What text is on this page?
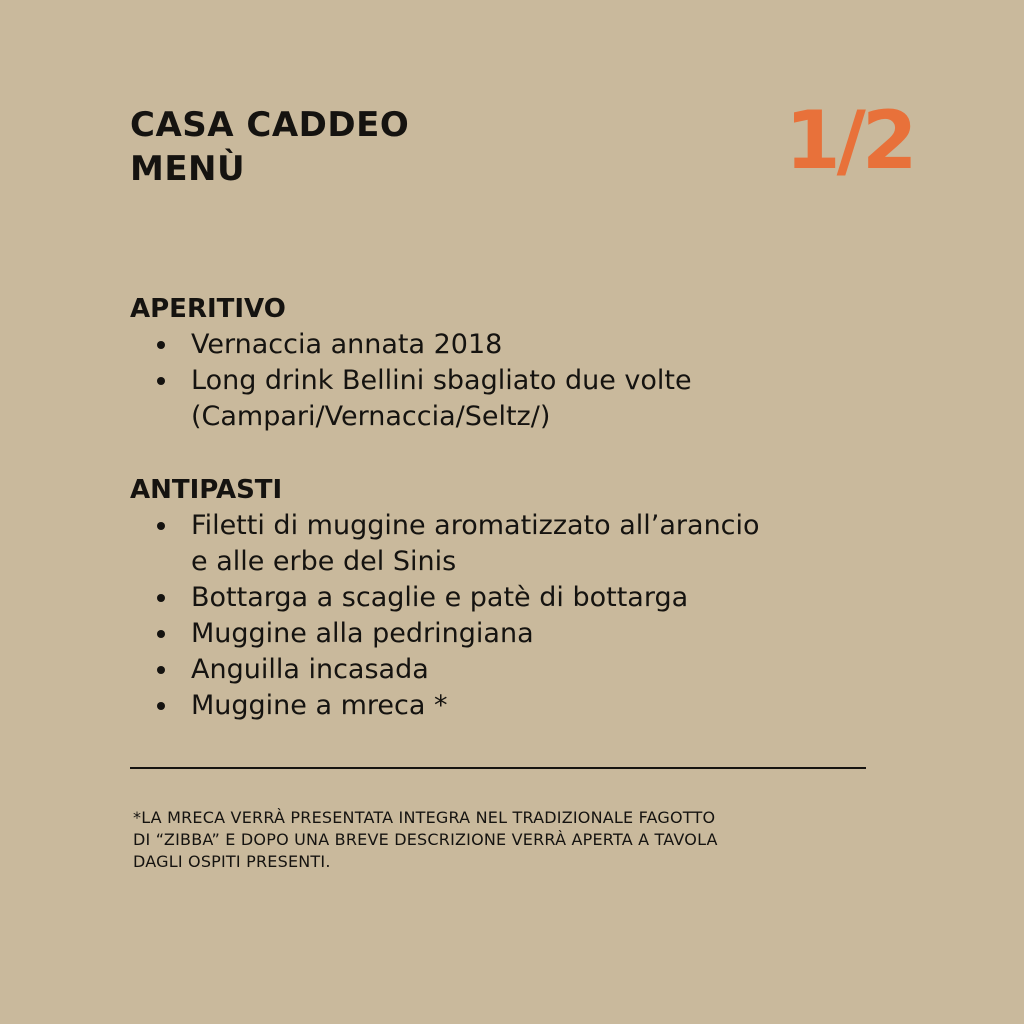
CASA CADDEO
MENÙ	1/2
APERITIVO
Vernaccia annata 2018
Long drink Bellini sbagliato due volte
(Campari/Vernaccia/Seltz/)
ANTIPASTI
Filetti di muggine aromatizzato all’arancio
e alle erbe del Sinis
Bottarga a scaglie e patè di bottarga
Muggine alla pedringiana
Anguilla incasada
Muggine a mreca *
*LA MRECA VERRÀ PRESENTATA INTEGRA NEL TRADIZIONALE FAGOTTO
DI “ZIBBA” E DOPO UNA BREVE DESCRIZIONE VERRÀ APERTA A TAVOLA
DAGLI OSPITI PRESENTI.
